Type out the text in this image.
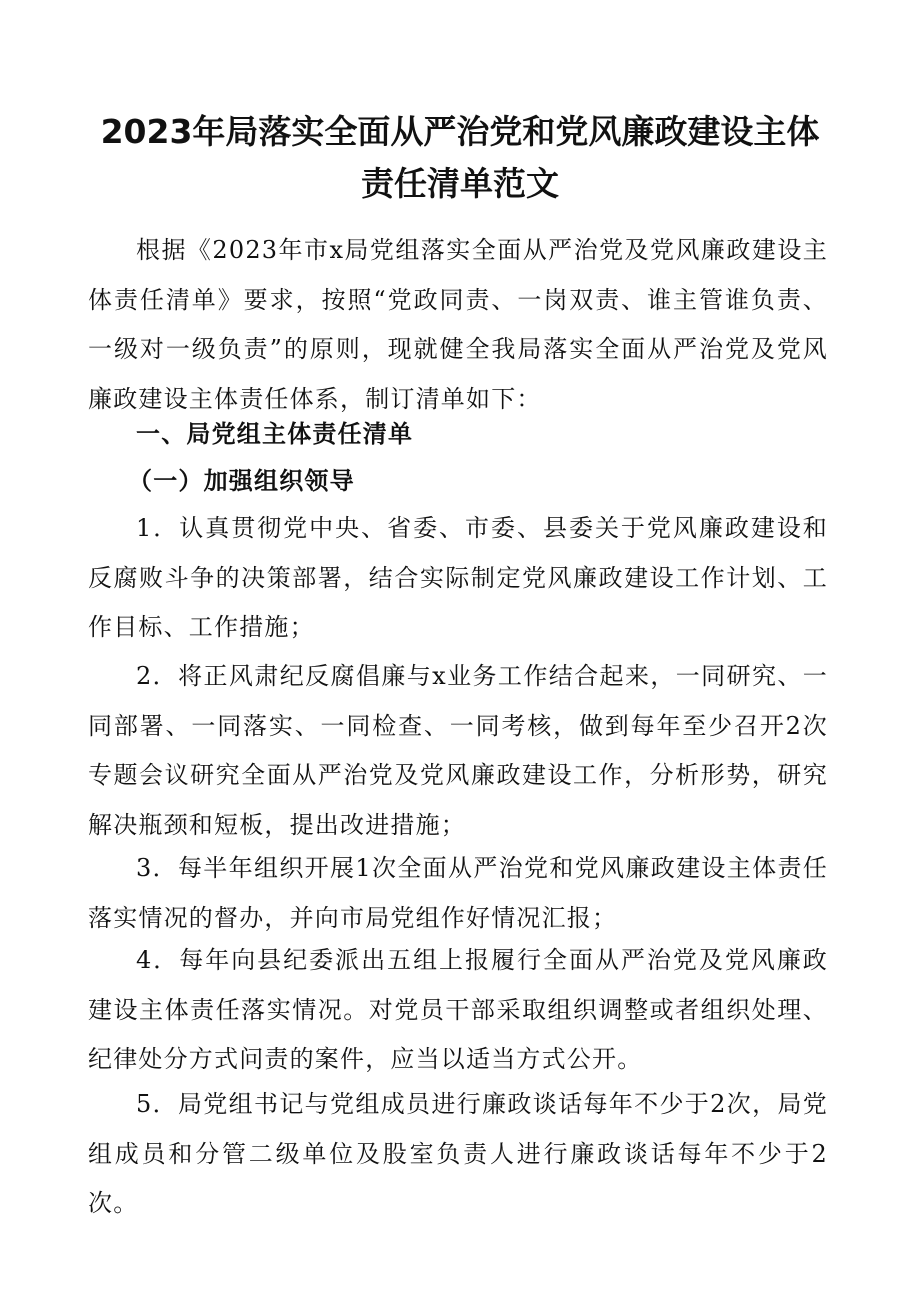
2023年局落实全面从严治党和党风廉政建设主体
责任清单范文

根据《2023年市x局党组落实全面从严治党及党风廉政建设主体责任清单》要求，按照“党政同责、一岗双责、谁主管谁负责、一级对一级负责”的原则，现就健全我局落实全面从严治党及党风廉政建设主体责任体系，制订清单如下：

一、局党组主体责任清单

（一）加强组织领导

1．认真贯彻党中央、省委、市委、县委关于党风廉政建设和反腐败斗争的决策部署，结合实际制定党风廉政建设工作计划、工作目标、工作措施；

2．将正风肃纪反腐倡廉与x业务工作结合起来，一同研究、一同部署、一同落实、一同检查、一同考核，做到每年至少召开2次专题会议研究全面从严治党及党风廉政建设工作，分析形势，研究解决瓶颈和短板，提出改进措施；

3．每半年组织开展1次全面从严治党和党风廉政建设主体责任落实情况的督办，并向市局党组作好情况汇报；

4．每年向县纪委派出五组上报履行全面从严治党及党风廉政建设主体责任落实情况。对党员干部采取组织调整或者组织处理、纪律处分方式问责的案件，应当以适当方式公开。

5．局党组书记与党组成员进行廉政谈话每年不少于2次，局党组成员和分管二级单位及股室负责人进行廉政谈话每年不少于2次。
